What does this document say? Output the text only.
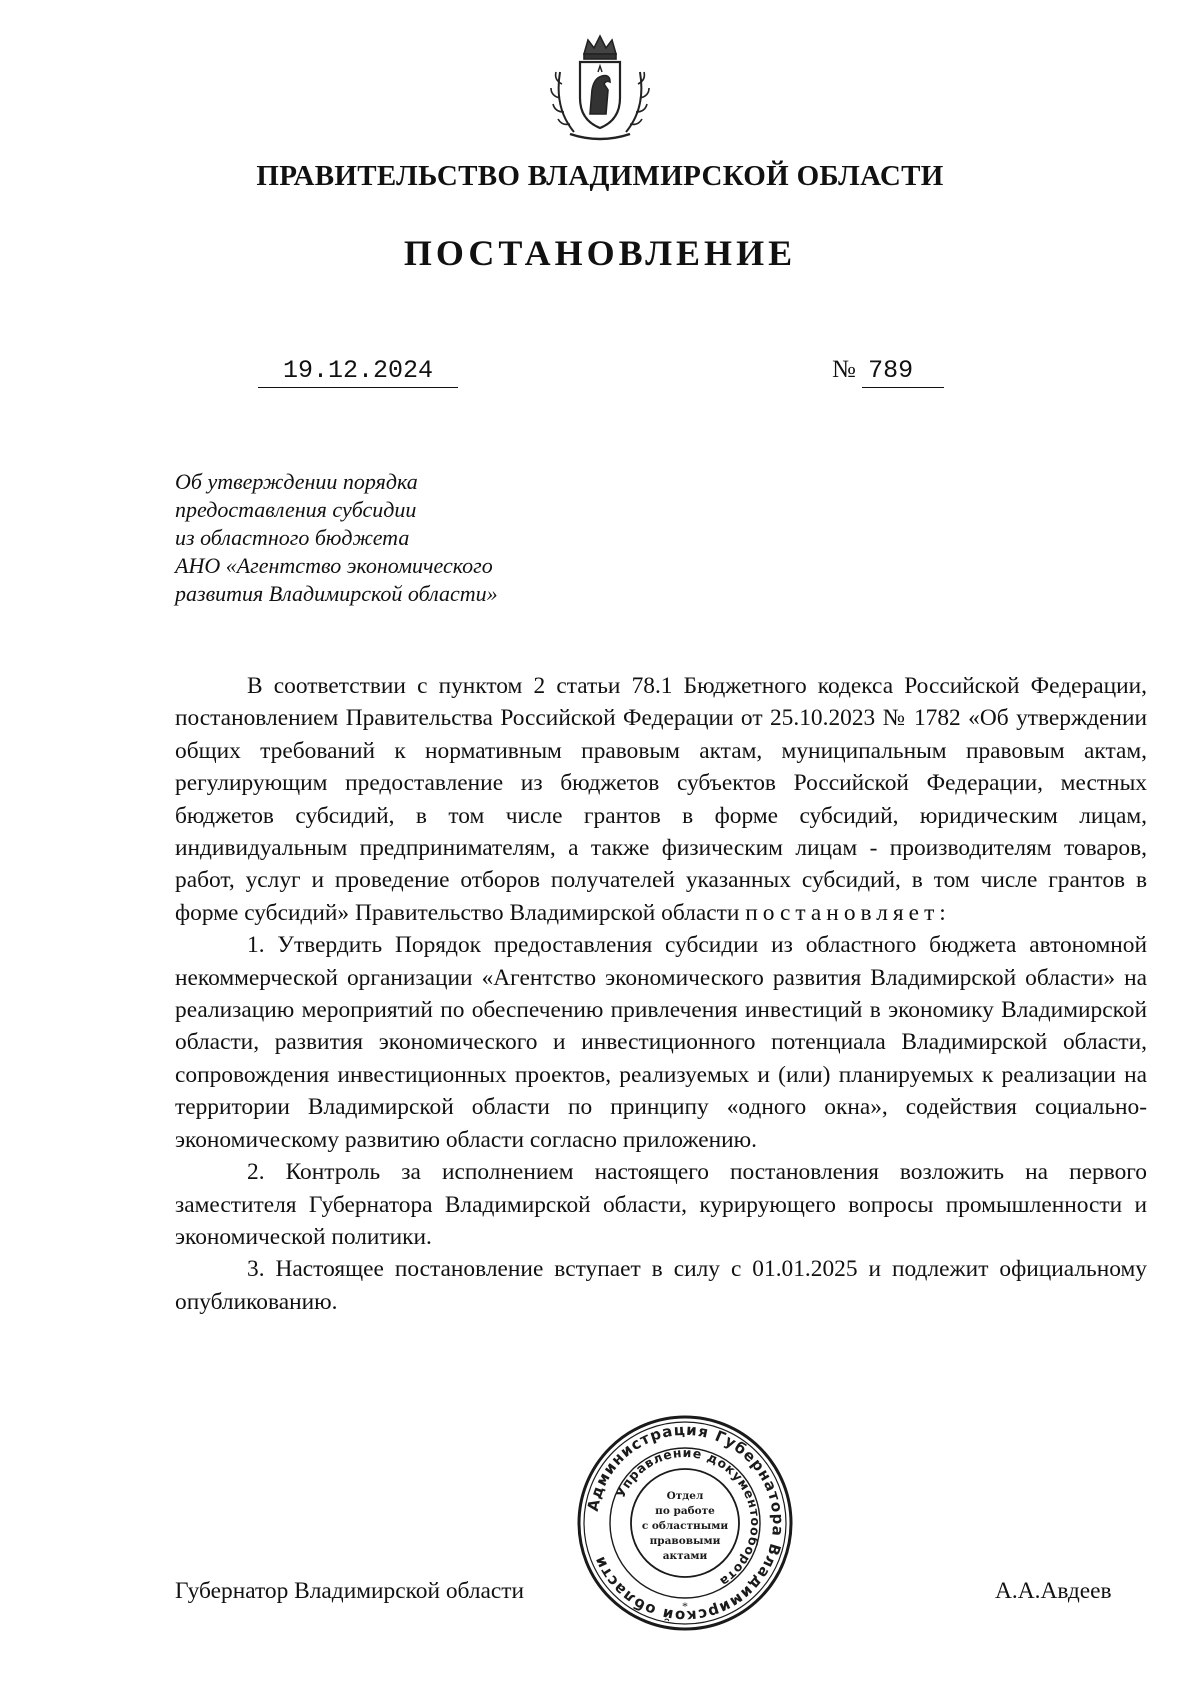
ПРАВИТЕЛЬСТВО ВЛАДИМИРСКОЙ ОБЛАСТИ
ПОСТАНОВЛЕНИЕ
19.12.2024	№ 789
Об утверждении порядка
предоставления субсидии
из областного бюджета
АНО «Агентство экономического
развития Владимирской области»

В соответствии с пунктом 2 статьи 78.1 Бюджетного кодекса Российской Федерации, постановлением Правительства Российской Федерации от 25.10.2023 № 1782 «Об утверждении общих требований к нормативным правовым актам, муниципальным правовым актам, регулирующим предоставление из бюджетов субъектов Российской Федерации, местных бюджетов субсидий, в том числе грантов в форме субсидий, юридическим лицам, индивидуальным предпринимателям, а также физическим лицам - производителям товаров, работ, услуг и проведение отборов получателей указанных субсидий, в том числе грантов в форме субсидий» Правительство Владимирской области постановляет:

1. Утвердить Порядок предоставления субсидии из областного бюджета автономной некоммерческой организации «Агентство экономического развития Владимирской области» на реализацию мероприятий по обеспечению привлечения инвестиций в экономику Владимирской области, развития экономического и инвестиционного потенциала Владимирской области, сопровождения инвестиционных проектов, реализуемых и (или) планируемых к реализации на территории Владимирской области по принципу «одного окна», содействия социально-экономическому развитию области согласно приложению.

2. Контроль за исполнением настоящего постановления возложить на первого заместителя Губернатора Владимирской области, курирующего вопросы промышленности и экономической политики.

3. Настоящее постановление вступает в силу с 01.01.2025 и подлежит официальному опубликованию.

Губернатор Владимирской области	А.А.Авдеев
Администрация Губернатора Владимирской области
Управление документооборота
Отдел
по работе
с областными
правовыми
актами
*
